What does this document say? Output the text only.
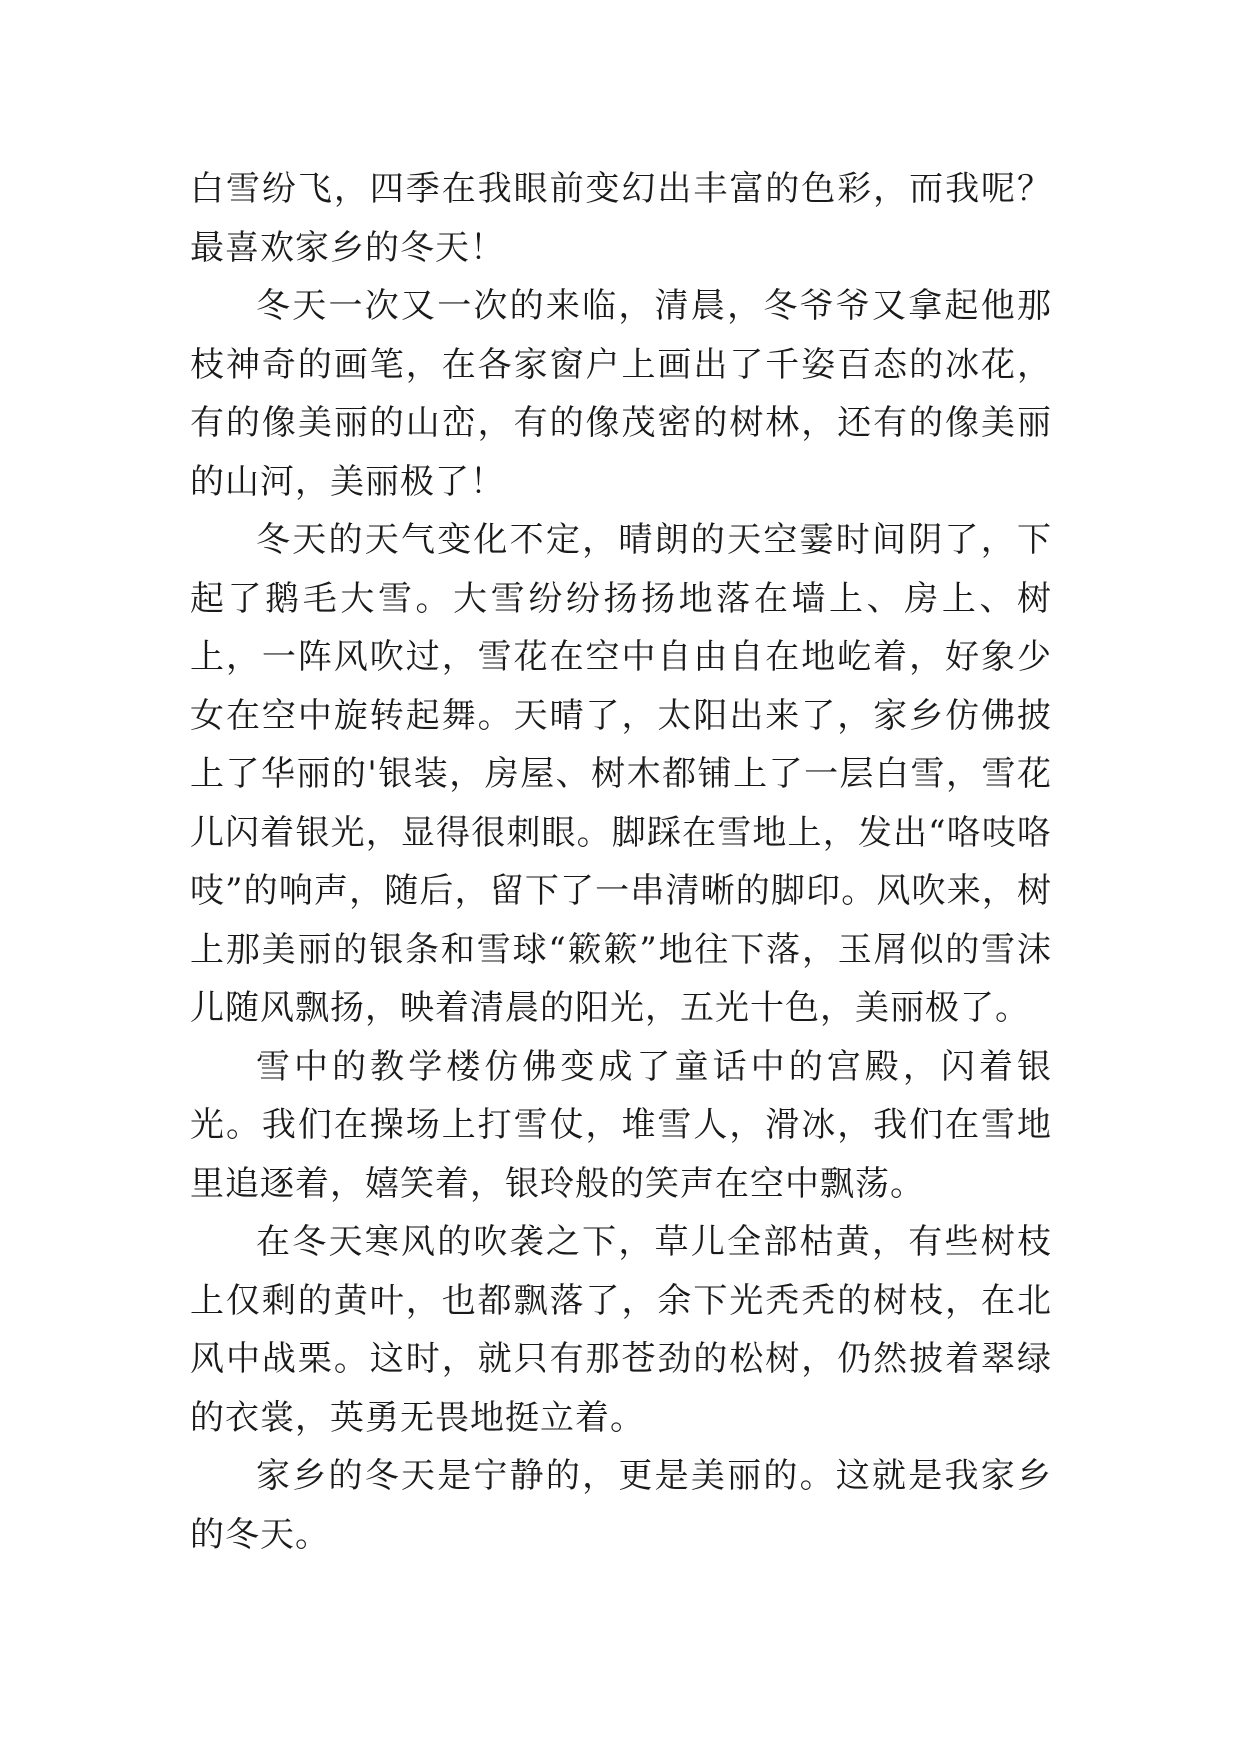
白雪纷飞，四季在我眼前变幻出丰富的色彩，而我呢？最喜欢家乡的冬天！

冬天一次又一次的来临，清晨，冬爷爷又拿起他那枝神奇的画笔，在各家窗户上画出了千姿百态的冰花，有的像美丽的山峦，有的像茂密的树林，还有的像美丽的山河，美丽极了！

冬天的天气变化不定，晴朗的天空霎时间阴了，下起了鹅毛大雪。大雪纷纷扬扬地落在墙上、房上、树上，一阵风吹过，雪花在空中自由自在地屹着，好象少女在空中旋转起舞。天晴了，太阳出来了，家乡仿佛披上了华丽的'银装，房屋、树木都铺上了一层白雪，雪花儿闪着银光，显得很刺眼。脚踩在雪地上，发出“咯吱咯吱”的响声，随后，留下了一串清晰的脚印。风吹来，树上那美丽的银条和雪球“簌簌”地往下落，玉屑似的雪沫儿随风飘扬，映着清晨的阳光，五光十色，美丽极了。

雪中的教学楼仿佛变成了童话中的宫殿，闪着银光。我们在操场上打雪仗，堆雪人，滑冰，我们在雪地里追逐着，嬉笑着，银玲般的笑声在空中飘荡。

在冬天寒风的吹袭之下，草儿全部枯黄，有些树枝上仅剩的黄叶，也都飘落了，余下光秃秃的树枝，在北风中战栗。这时，就只有那苍劲的松树，仍然披着翠绿的衣裳，英勇无畏地挺立着。

家乡的冬天是宁静的，更是美丽的。这就是我家乡的冬天。
